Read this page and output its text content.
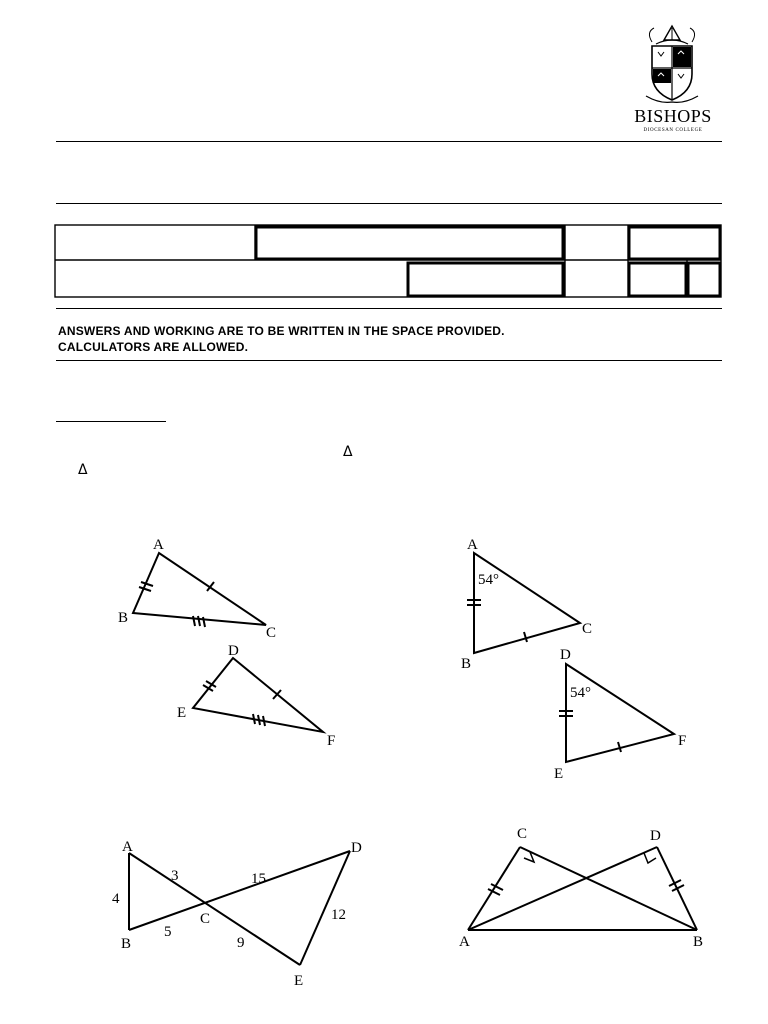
BISHOPS
DIOCESAN COLLEGE
ANSWERS AND WORKING ARE TO BE WRITTEN IN THE SPACE PROVIDED.
CALCULATORS ARE ALLOWED.
Δ
Δ
A
B
C
D
E
F
A
B
C
D
E
F
54°
54°
A
B
C
D
E
4
3
5
15
9
12
C	D
A	B
